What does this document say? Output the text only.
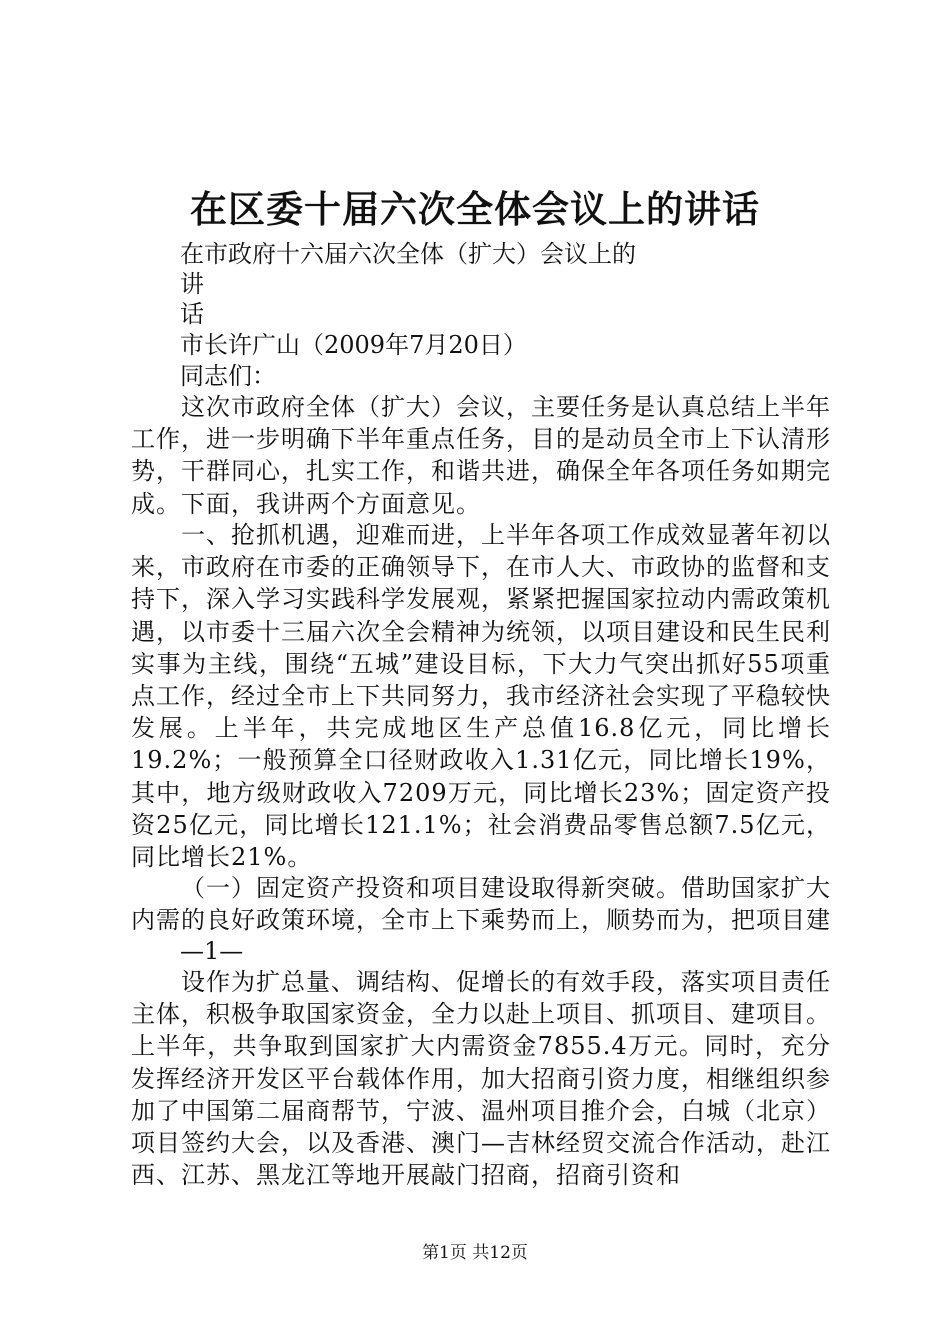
在区委十届六次全体会议上的讲话
在市政府十六届六次全体（扩大）会议上的
讲
话
市长许广山（2009年7月20日）
同志们：
这次市政府全体（扩大）会议，主要任务是认真总结上半年工作，进一步明确下半年重点任务，目的是动员全市上下认清形势，干群同心，扎实工作，和谐共进，确保全年各项任务如期完成。下面，我讲两个方面意见。
一、抢抓机遇，迎难而进，上半年各项工作成效显著年初以来，市政府在市委的正确领导下，在市人大、市政协的监督和支持下，深入学习实践科学发展观，紧紧把握国家拉动内需政策机遇，以市委十三届六次全会精神为统领，以项目建设和民生民利实事为主线，围绕“五城”建设目标，下大力气突出抓好55项重点工作，经过全市上下共同努力，我市经济社会实现了平稳较快发展。上半年，共完成地区生产总值16.8亿元，同比增长19.2%；一般预算全口径财政收入1.31亿元，同比增长19%，其中，地方级财政收入7209万元，同比增长23%；固定资产投资25亿元，同比增长121.1%；社会消费品零售总额7.5亿元，同比增长21%。
（一）固定资产投资和项目建设取得新突破。借助国家扩大内需的良好政策环境，全市上下乘势而上，顺势而为，把项目建
—1—
设作为扩总量、调结构、促增长的有效手段，落实项目责任主体，积极争取国家资金，全力以赴上项目、抓项目、建项目。上半年，共争取到国家扩大内需资金7855.4万元。同时，充分发挥经济开发区平台载体作用，加大招商引资力度，相继组织参加了中国第二届商帮节，宁波、温州项目推介会，白城（北京）项目签约大会，以及香港、澳门—吉林经贸交流合作活动，赴江西、江苏、黑龙江等地开展敲门招商，招商引资和
第1页 共12页
